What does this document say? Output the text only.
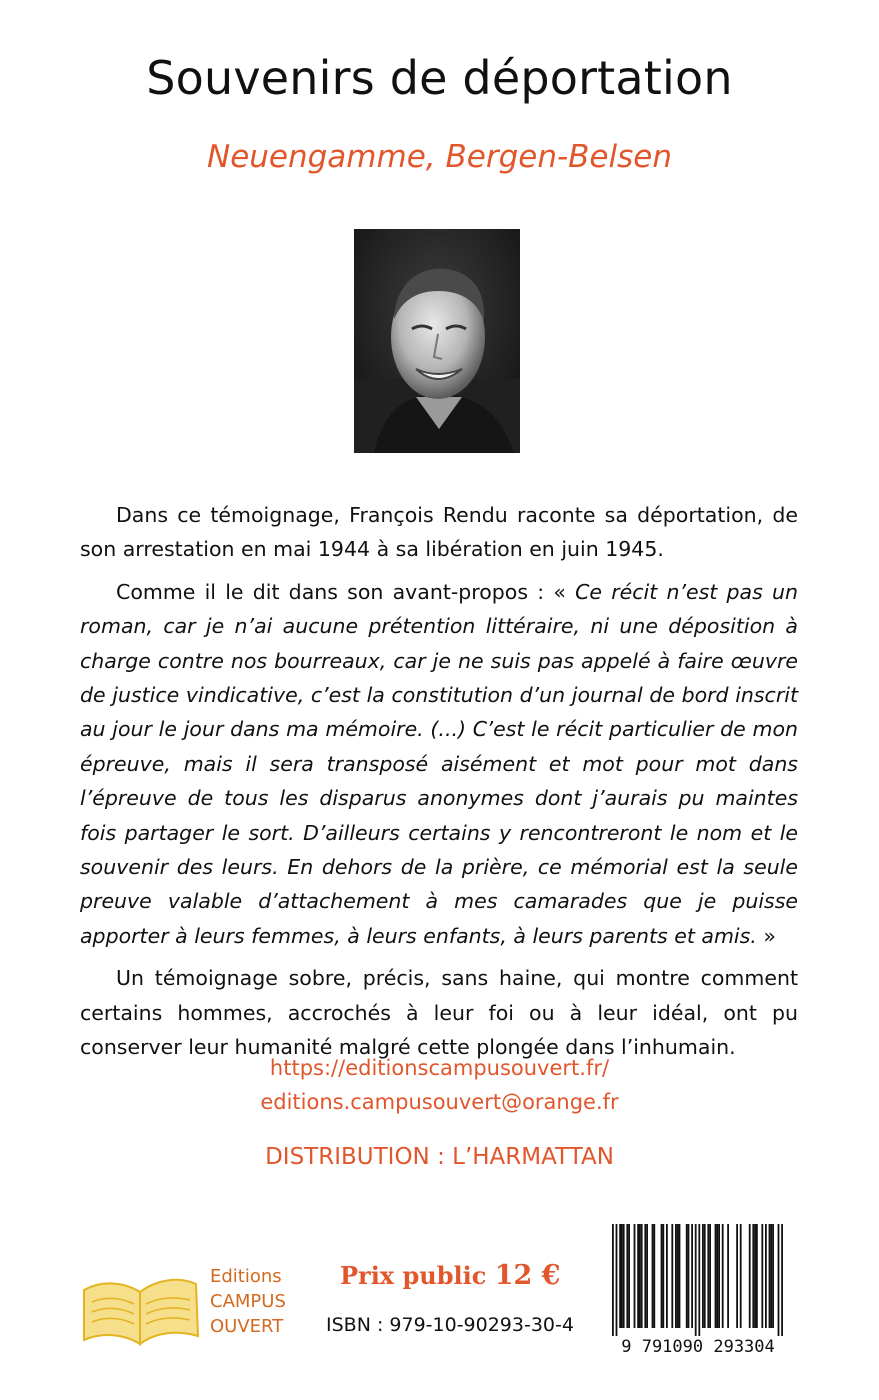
Souvenirs de déportation
Neuengamme, Bergen-Belsen

Dans ce témoignage, François Rendu raconte sa déportation, de son arrestation en mai 1944 à sa libération en juin 1945.

Comme il le dit dans son avant-propos : « Ce récit n’est pas un roman, car je n’ai aucune prétention littéraire, ni une déposition à charge contre nos bourreaux, car je ne suis pas appelé à faire œuvre de justice vindicative, c’est la constitution d’un journal de bord inscrit au jour le jour dans ma mémoire. (...) C’est le récit particulier de mon épreuve, mais il sera transposé aisément et mot pour mot dans l’épreuve de tous les disparus anonymes dont j’aurais pu maintes fois partager le sort. D’ailleurs certains y rencontreront le nom et le souvenir des leurs. En dehors de la prière, ce mémorial est la seule preuve valable d’attachement à mes camarades que je puisse apporter à leurs femmes, à leurs enfants, à leurs parents et amis. »

Un témoignage sobre, précis, sans haine, qui montre comment certains hommes, accrochés à leur foi ou à leur idéal, ont pu conserver leur humanité malgré cette plongée dans l’inhumain.

https://editionscampusouvert.fr/
editions.campusouvert@orange.fr
DISTRIBUTION : L’HARMATTAN
Editions
CAMPUS
OUVERT
Prix public 12 €
ISBN : 979-10-90293-30-4
9 791090 293304
